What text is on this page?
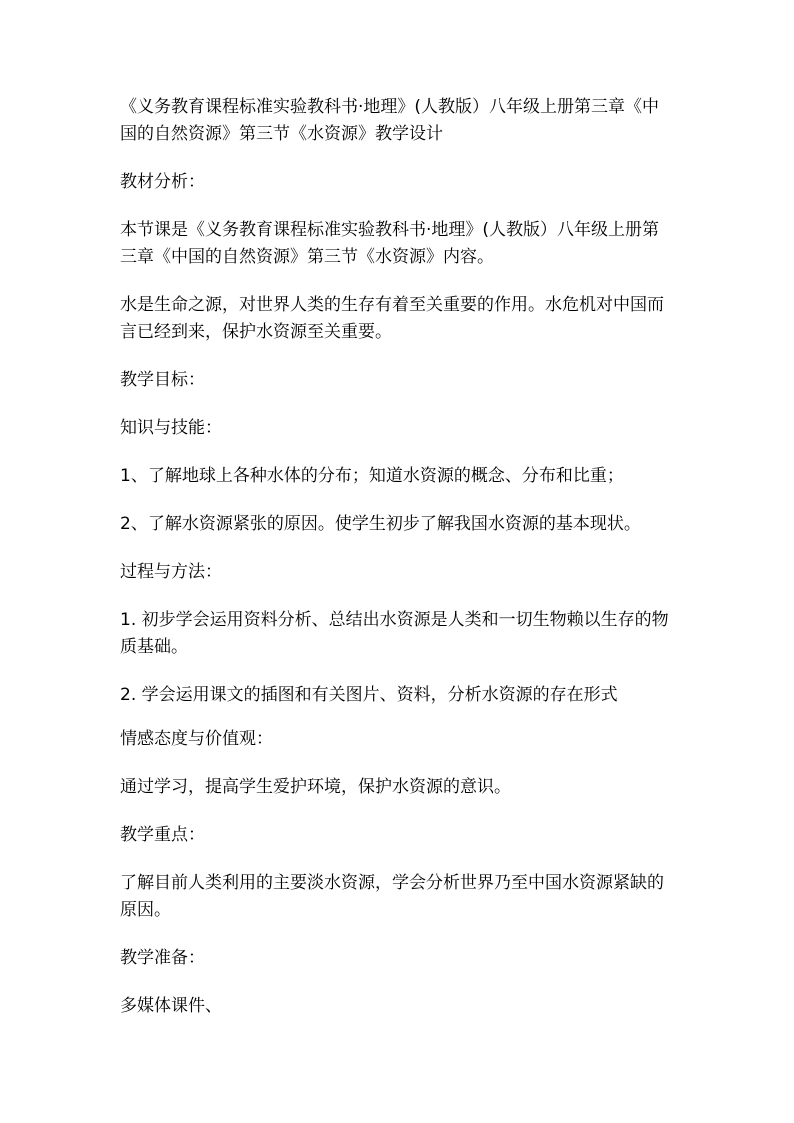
《义务教育课程标准实验教科书·地理》(人教版）八年级上册第三章《中国的自然资源》第三节《水资源》教学设计

教材分析：

本节课是《义务教育课程标准实验教科书·地理》(人教版）八年级上册第三章《中国的自然资源》第三节《水资源》内容。

水是生命之源，对世界人类的生存有着至关重要的作用。水危机对中国而言已经到来，保护水资源至关重要。

教学目标：

知识与技能：

1、了解地球上各种水体的分布；知道水资源的概念、分布和比重；

2、了解水资源紧张的原因。使学生初步了解我国水资源的基本现状。

过程与方法：

1. 初步学会运用资料分析、总结出水资源是人类和一切生物赖以生存的物质基础。

2. 学会运用课文的插图和有关图片、资料，分析水资源的存在形式

情感态度与价值观：

通过学习，提高学生爱护环境，保护水资源的意识。

教学重点：

了解目前人类利用的主要淡水资源，学会分析世界乃至中国水资源紧缺的原因。

教学准备：

多媒体课件、
